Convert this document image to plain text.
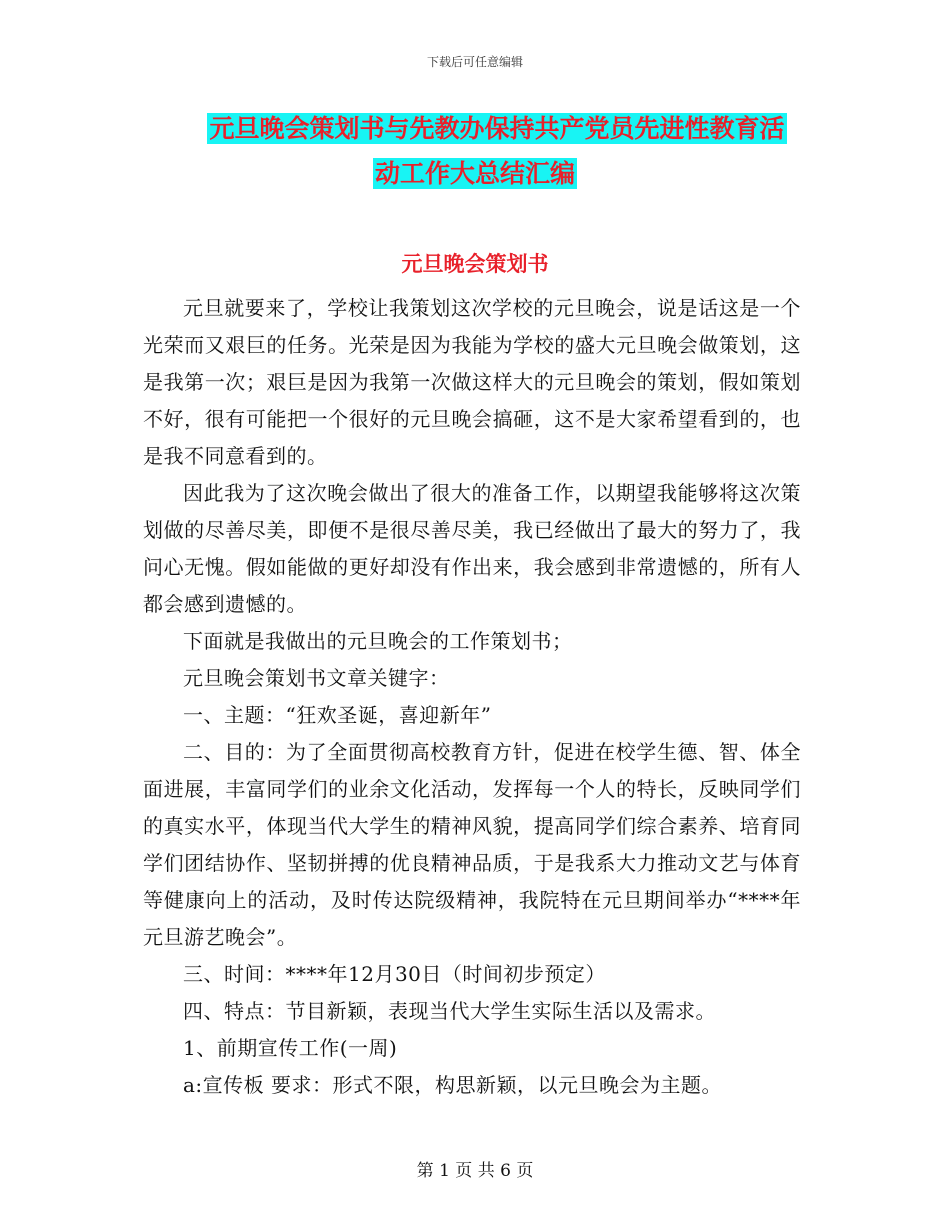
下载后可任意编辑
元旦晚会策划书与先教办保持共产党员先进性教育活
动工作大总结汇编
元旦晚会策划书

元旦就要来了，学校让我策划这次学校的元旦晚会，说是话这是一个光荣而又艰巨的任务。光荣是因为我能为学校的盛大元旦晚会做策划，这是我第一次；艰巨是因为我第一次做这样大的元旦晚会的策划，假如策划不好，很有可能把一个很好的元旦晚会搞砸，这不是大家希望看到的，也是我不同意看到的。

因此我为了这次晚会做出了很大的准备工作，以期望我能够将这次策划做的尽善尽美，即便不是很尽善尽美，我已经做出了最大的努力了，我问心无愧。假如能做的更好却没有作出来，我会感到非常遗憾的，所有人都会感到遗憾的。

下面就是我做出的元旦晚会的工作策划书；

元旦晚会策划书文章关键字：

一、主题：“狂欢圣诞，喜迎新年”

二、目的：为了全面贯彻高校教育方针，促进在校学生德、智、体全面进展，丰富同学们的业余文化活动，发挥每一个人的特长，反映同学们的真实水平，体现当代大学生的精神风貌，提高同学们综合素养、培育同学们团结协作、坚韧拼搏的优良精神品质，于是我系大力推动文艺与体育等健康向上的活动，及时传达院级精神，我院特在元旦期间举办“****年元旦游艺晚会”。

三、时间：****年12月30日（时间初步预定）

四、特点：节目新颖，表现当代大学生实际生活以及需求。

1、前期宣传工作(一周)

a:宣传板 要求：形式不限，构思新颖，以元旦晚会为主题。

第 1 页 共 6 页
